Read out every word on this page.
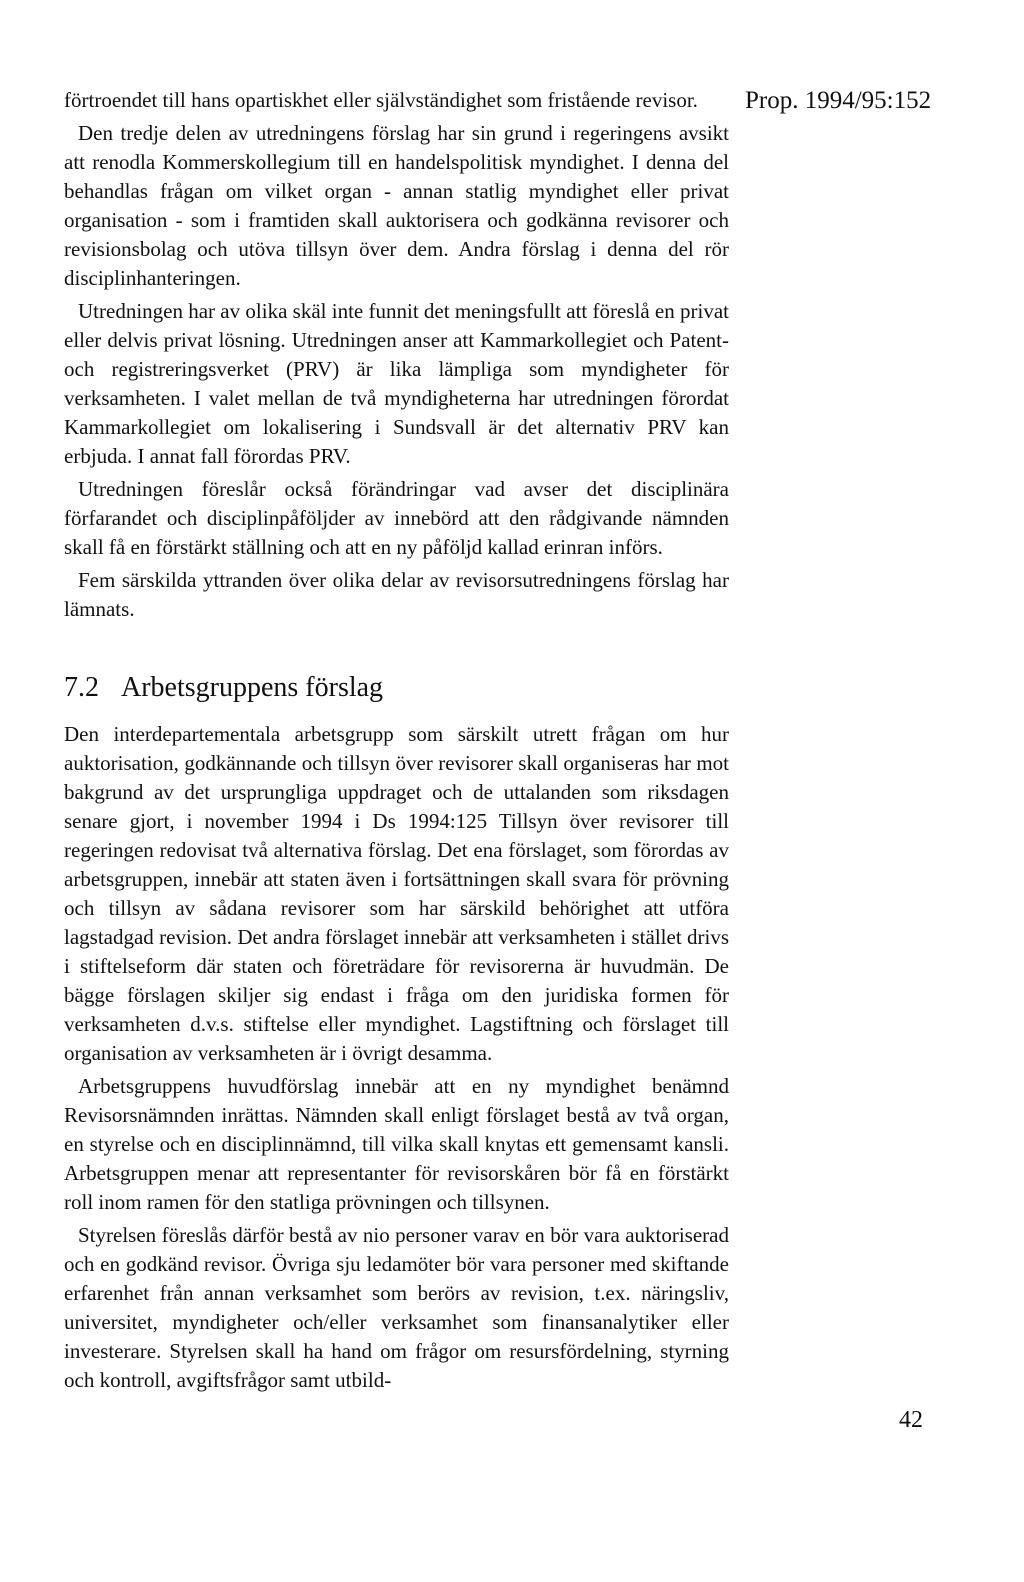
Prop. 1994/95:152

förtroendet till hans opartiskhet eller självständighet som fristående revisor.

Den tredje delen av utredningens förslag har sin grund i regeringens avsikt att renodla Kommerskollegium till en handelspolitisk myndighet. I denna del behandlas frågan om vilket organ - annan statlig myndighet eller privat organisation - som i framtiden skall auktorisera och godkänna revisorer och revisionsbolag och utöva tillsyn över dem. Andra förslag i denna del rör disciplinhanteringen.

Utredningen har av olika skäl inte funnit det meningsfullt att föreslå en privat eller delvis privat lösning. Utredningen anser att Kammarkollegiet och Patent- och registreringsverket (PRV) är lika lämpliga som myndigheter för verksamheten. I valet mellan de två myndigheterna har utredningen förordat Kammarkollegiet om lokalisering i Sundsvall är det alternativ PRV kan erbjuda. I annat fall förordas PRV.

Utredningen föreslår också förändringar vad avser det disciplinära förfarandet och disciplinpåföljder av innebörd att den rådgivande nämnden skall få en förstärkt ställning och att en ny påföljd kallad erinran införs.

Fem särskilda yttranden över olika delar av revisorsutredningens förslag har lämnats.

7.2 Arbetsgruppens förslag

Den interdepartementala arbetsgrupp som särskilt utrett frågan om hur auktorisation, godkännande och tillsyn över revisorer skall organiseras har mot bakgrund av det ursprungliga uppdraget och de uttalanden som riksdagen senare gjort, i november 1994 i Ds 1994:125 Tillsyn över revisorer till regeringen redovisat två alternativa förslag. Det ena förslaget, som förordas av arbetsgruppen, innebär att staten även i fortsättningen skall svara för prövning och tillsyn av sådana revisorer som har särskild behörighet att utföra lagstadgad revision. Det andra förslaget innebär att verksamheten i stället drivs i stiftelseform där staten och företrädare för revisorerna är huvudmän. De bägge förslagen skiljer sig endast i fråga om den juridiska formen för verksamheten d.v.s. stiftelse eller myndighet. Lagstiftning och förslaget till organisation av verksamheten är i övrigt desamma.

Arbetsgruppens huvudförslag innebär att en ny myndighet benämnd Revisorsnämnden inrättas. Nämnden skall enligt förslaget bestå av två organ, en styrelse och en disciplinnämnd, till vilka skall knytas ett gemensamt kansli. Arbetsgruppen menar att representanter för revisorskåren bör få en förstärkt roll inom ramen för den statliga prövningen och tillsynen.

Styrelsen föreslås därför bestå av nio personer varav en bör vara auktoriserad och en godkänd revisor. Övriga sju ledamöter bör vara personer med skiftande erfarenhet från annan verksamhet som berörs av revision, t.ex. näringsliv, universitet, myndigheter och/eller verksamhet som finansanalytiker eller investerare. Styrelsen skall ha hand om frågor om resursfördelning, styrning och kontroll, avgiftsfrågor samt utbild-

42
